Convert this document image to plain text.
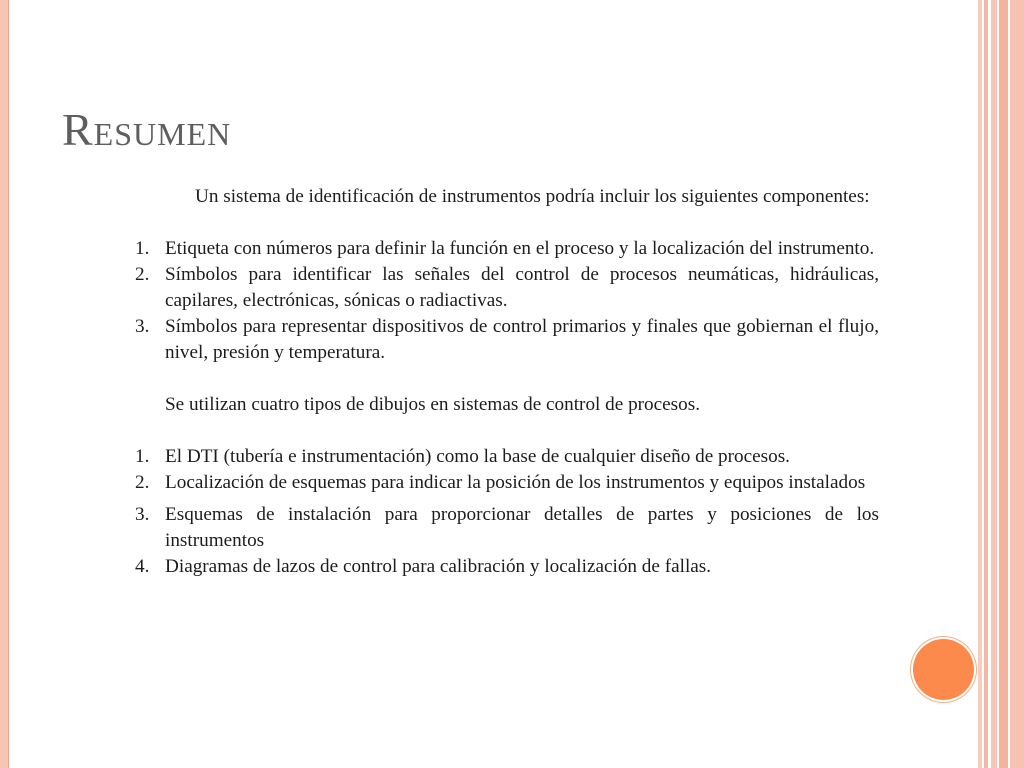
Resumen

Un sistema de identificación de instrumentos podría incluir los siguientes componentes:

1. Etiqueta con números para definir la función en el proceso y la localización del instrumento.
2. Símbolos para identificar las señales del control de procesos neumáticas, hidráulicas, capilares, electrónicas, sónicas o radiactivas.
3. Símbolos para representar dispositivos de control primarios y finales que gobiernan el flujo, nivel, presión y temperatura.

Se utilizan cuatro tipos de dibujos en sistemas de control de procesos.

1. El DTI (tubería e instrumentación) como la base de cualquier diseño de procesos.
2. Localización de esquemas para indicar la posición de los instrumentos y equipos instalados
3. Esquemas de instalación para proporcionar detalles de partes y posiciones de los instrumentos
4. Diagramas de lazos de control para calibración y localización de fallas.
